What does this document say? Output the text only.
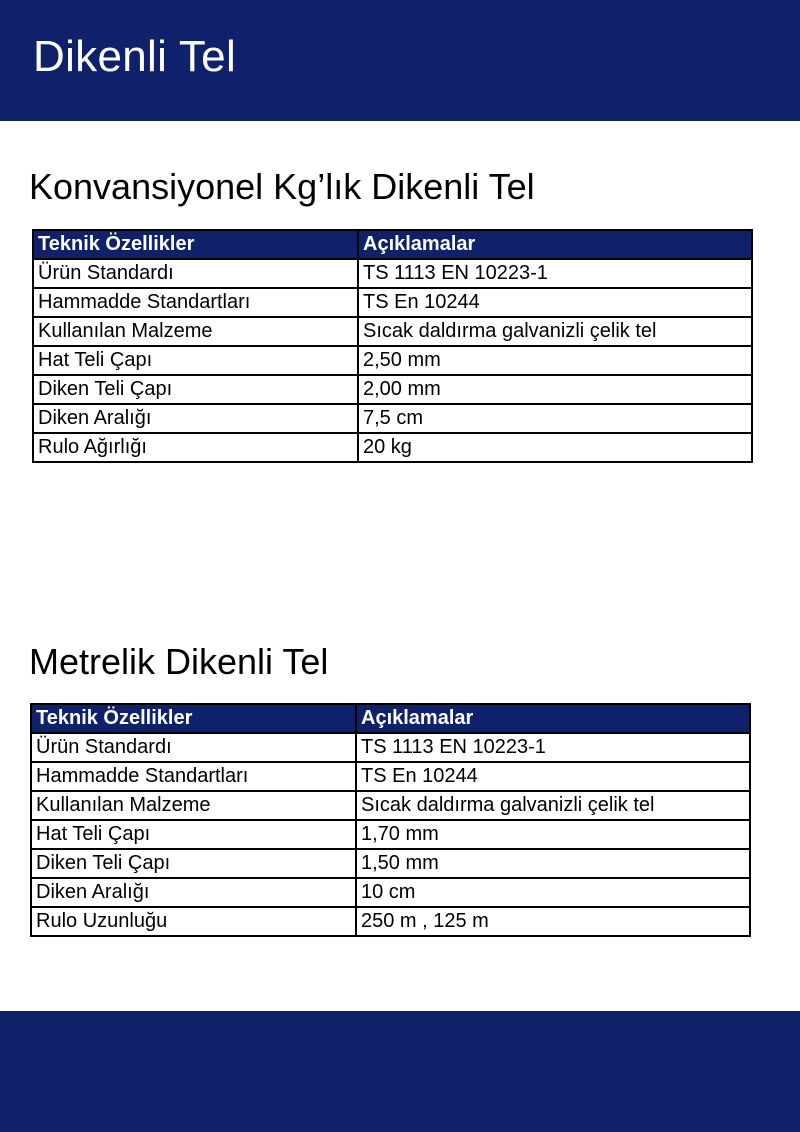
Dikenli Tel
Konvansiyonel Kg’lık Dikenli Tel
Teknik Özellikler	Açıklamalar
Ürün Standardı	TS 1113 EN 10223-1
Hammadde Standartları	TS En 10244
Kullanılan Malzeme	Sıcak daldırma galvanizli çelik tel
Hat Teli Çapı	2,50 mm
Diken Teli Çapı	2,00 mm
Diken Aralığı	7,5 cm
Rulo Ağırlığı	20 kg
Metrelik Dikenli Tel
Teknik Özellikler	Açıklamalar
Ürün Standardı	TS 1113 EN 10223-1
Hammadde Standartları	TS En 10244
Kullanılan Malzeme	Sıcak daldırma galvanizli çelik tel
Hat Teli Çapı	1,70 mm
Diken Teli Çapı	1,50 mm
Diken Aralığı	10 cm
Rulo Uzunluğu	250 m , 125 m
